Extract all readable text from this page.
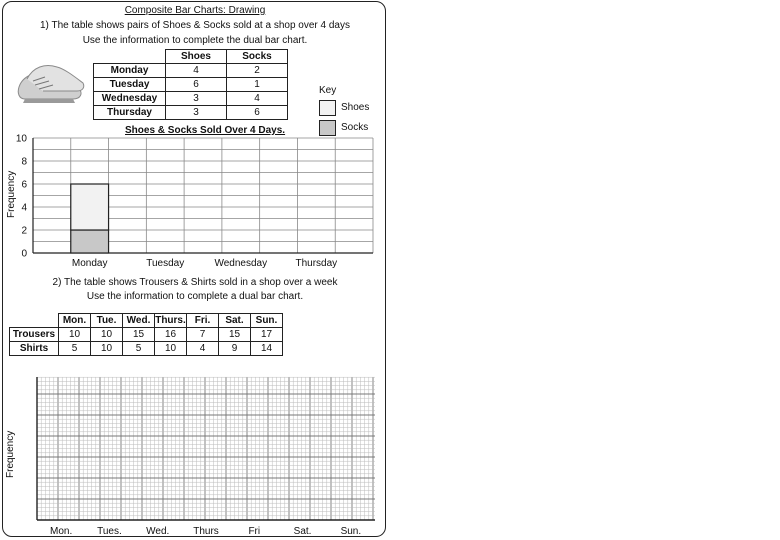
Composite Bar Charts: Drawing
1) The table shows pairs of Shoes & Socks sold at a shop over 4 days
Use the information to complete the dual bar chart.
	Shoes	Socks
Monday	4	2
Tuesday	6	1
Wednesday	3	4
Thursday	3	6
Key
Shoes
Socks
Shoes & Socks Sold Over 4 Days.
Frequency
0
2
4
6
8
10
Monday	Tuesday	Wednesday	Thursday
2) The table shows Trousers & Shirts sold in a shop over a week
Use the information to complete a dual bar chart.
	Mon.	Tue.	Wed.	Thurs.	Fri.	Sat.	Sun.
Trousers	10	10	15	16	7	15	17
Shirts	5	10	5	10	4	9	14
Frequency
Mon. Tues. Wed. Thurs	Fri	Sat.	Sun.
